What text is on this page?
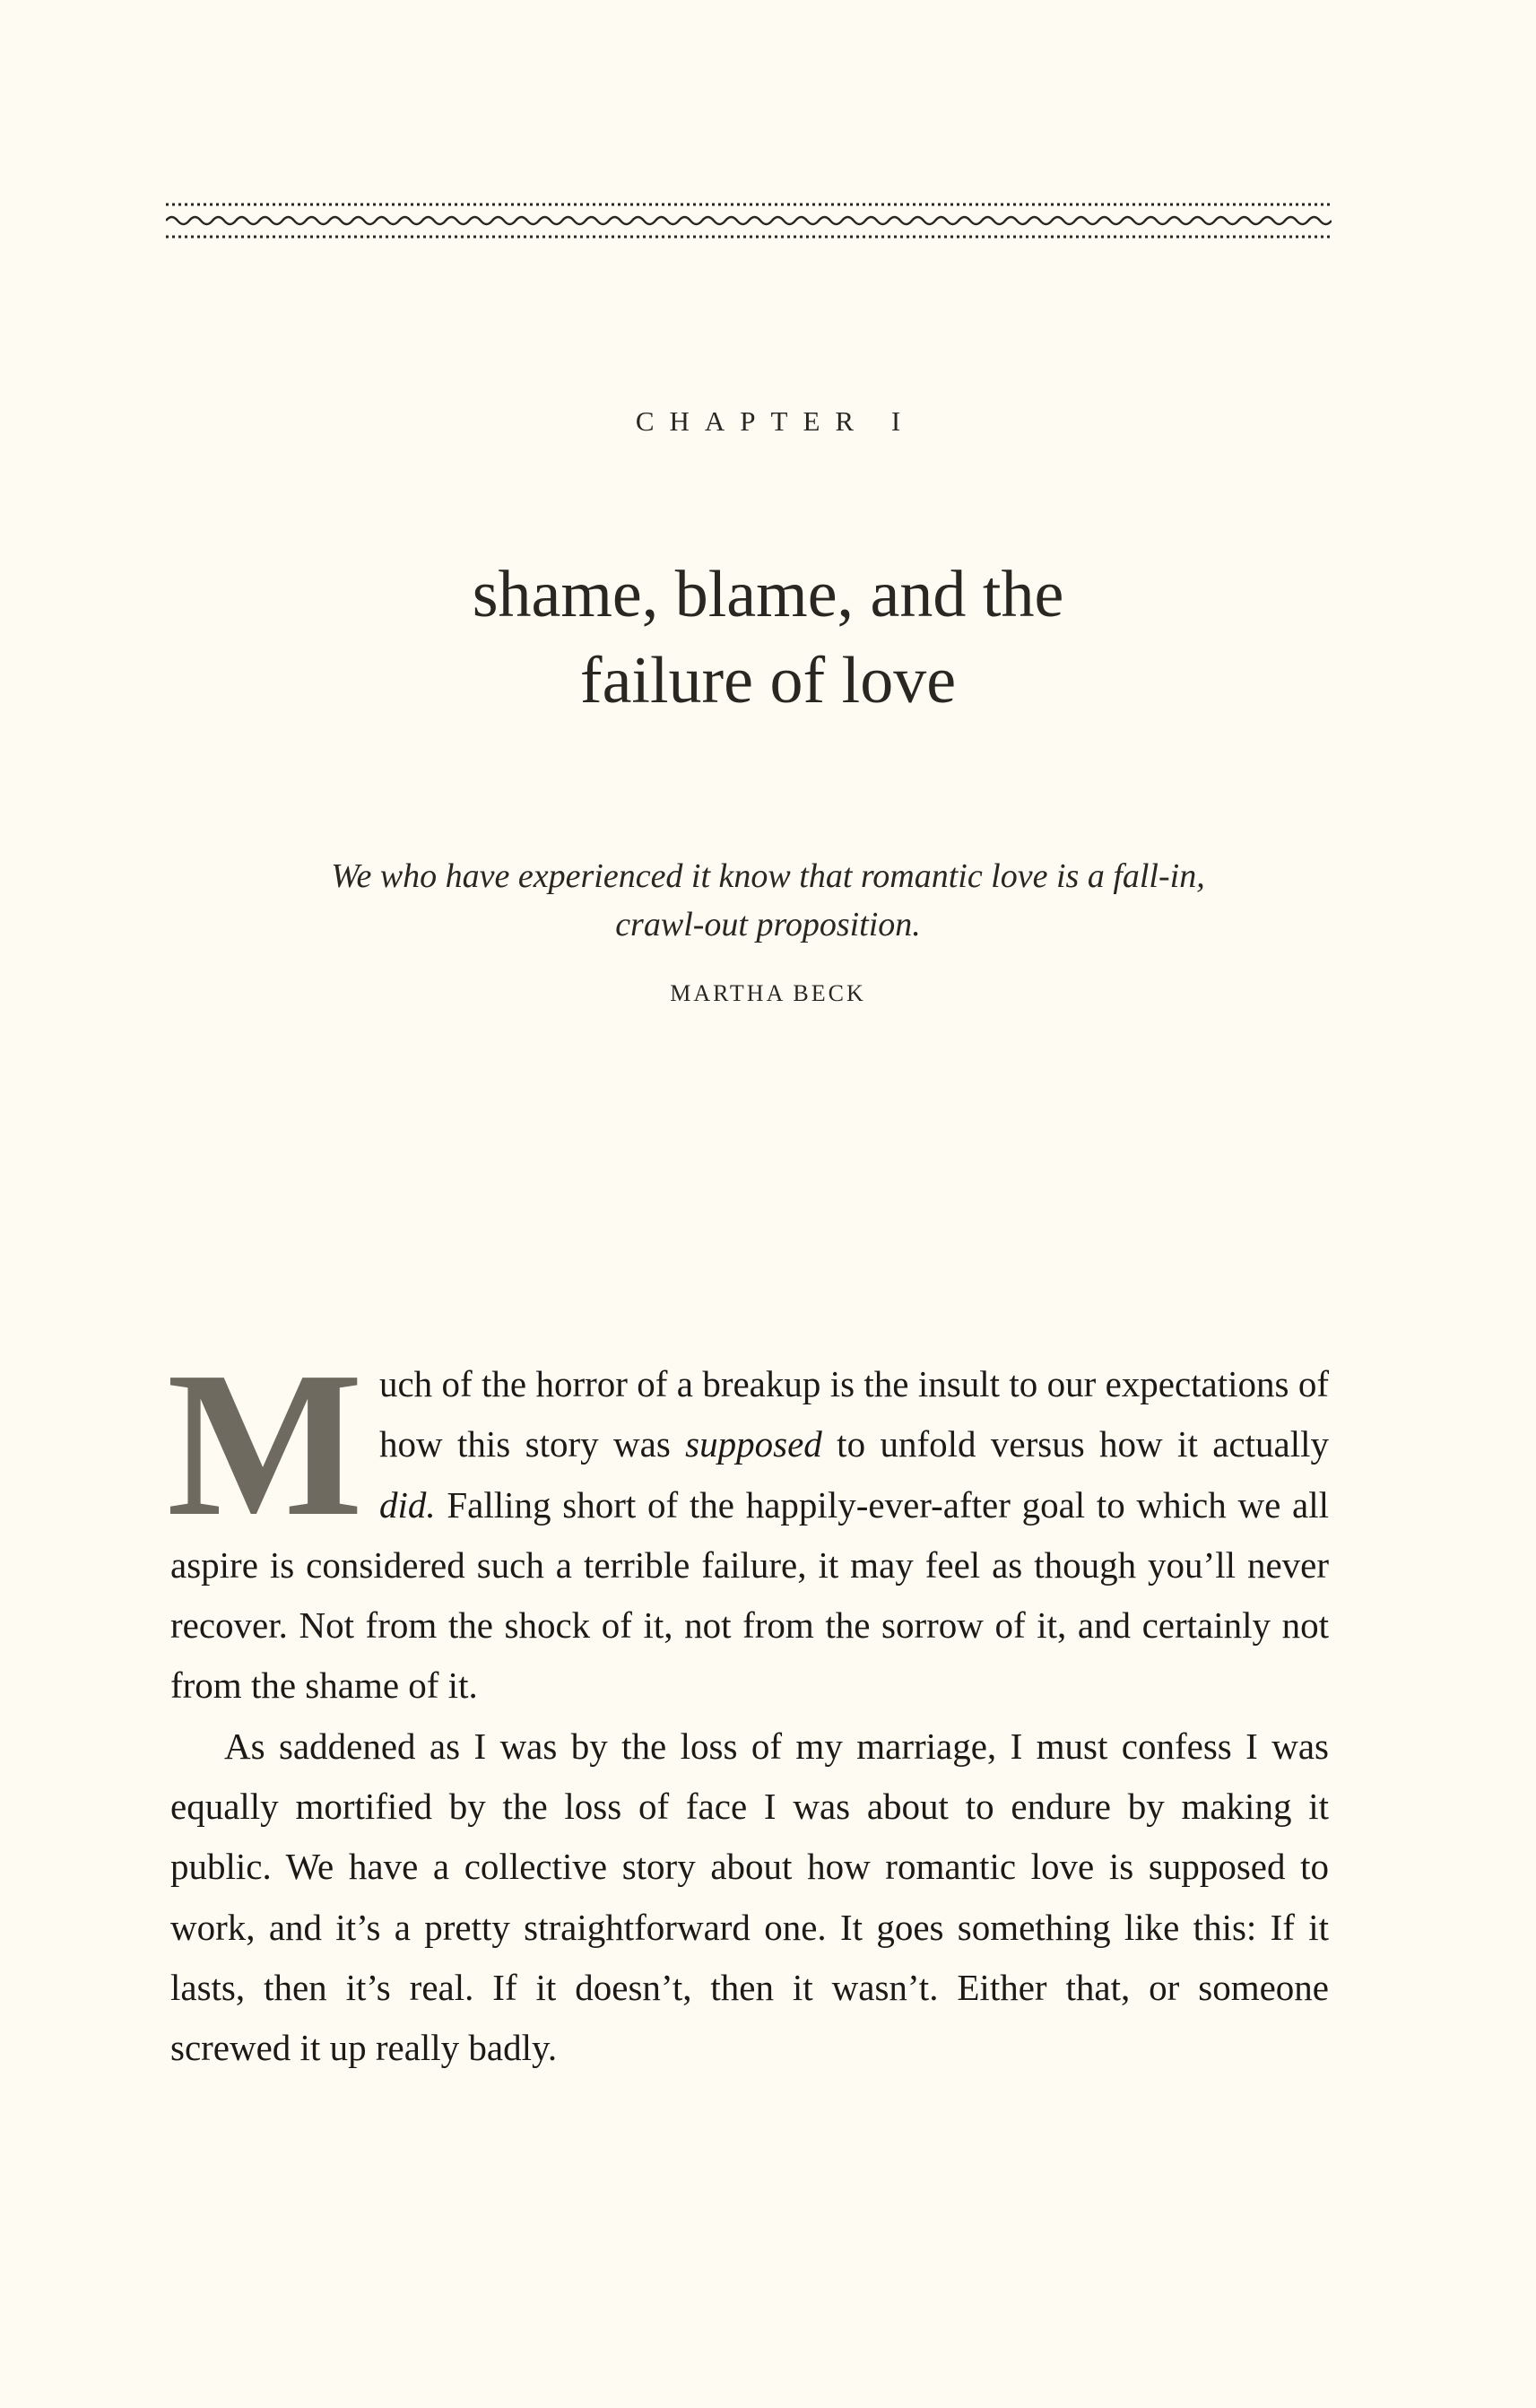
CHAPTER I
shame, blame, and the
failure of love
We who have experienced it know that romantic love is a fall-in,
crawl-out proposition.
MARTHA BECK

Much of the horror of a breakup is the insult to our expectations of how this story was supposed to unfold versus how it actually did. Falling short of the happily-ever-after goal to which we all aspire is considered such a terrible failure, it may feel as though you’ll never recover. Not from the shock of it, not from the sorrow of it, and certainly not from the shame of it.

As saddened as I was by the loss of my marriage, I must confess I was equally mortified by the loss of face I was about to endure by making it public. We have a collective story about how romantic love is supposed to work, and it’s a pretty straightforward one. It goes something like this: If it lasts, then it’s real. If it doesn’t, then it wasn’t. Either that, or someone screwed it up really badly.
